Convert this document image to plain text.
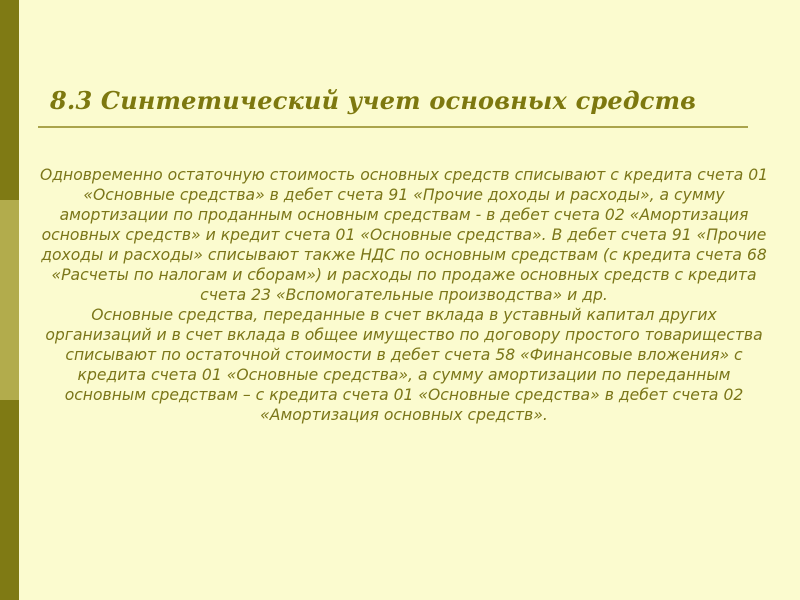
8.3 Синтетический учет основных средств

Одновременно остаточную стоимость основных средств списывают с кредита счета 01 «Основные средства» в дебет счета 91 «Прочие доходы и расходы», а сумму амортизации по проданным основным средствам - в дебет счета 02 «Амортизация основных средств» и кредит счета 01 «Основные средства». В дебет счета 91 «Прочие доходы и расходы» списывают также НДС по основным средствам (с кредита счета 68 «Расчеты по налогам и сборам») и расходы по продаже основных средств с кредита счета 23 «Вспомогательные производства» и др.

Основные средства, переданные в счет вклада в уставный капитал других организаций и в счет вклада в общее имущество по договору простого товарищества списывают по остаточной стоимости в дебет счета 58 «Финансовые вложения» с кредита счета 01 «Основные средства», а сумму амортизации по переданным основным средствам – с кредита счета 01 «Основные средства» в дебет счета 02 «Амортизация основных средств».
